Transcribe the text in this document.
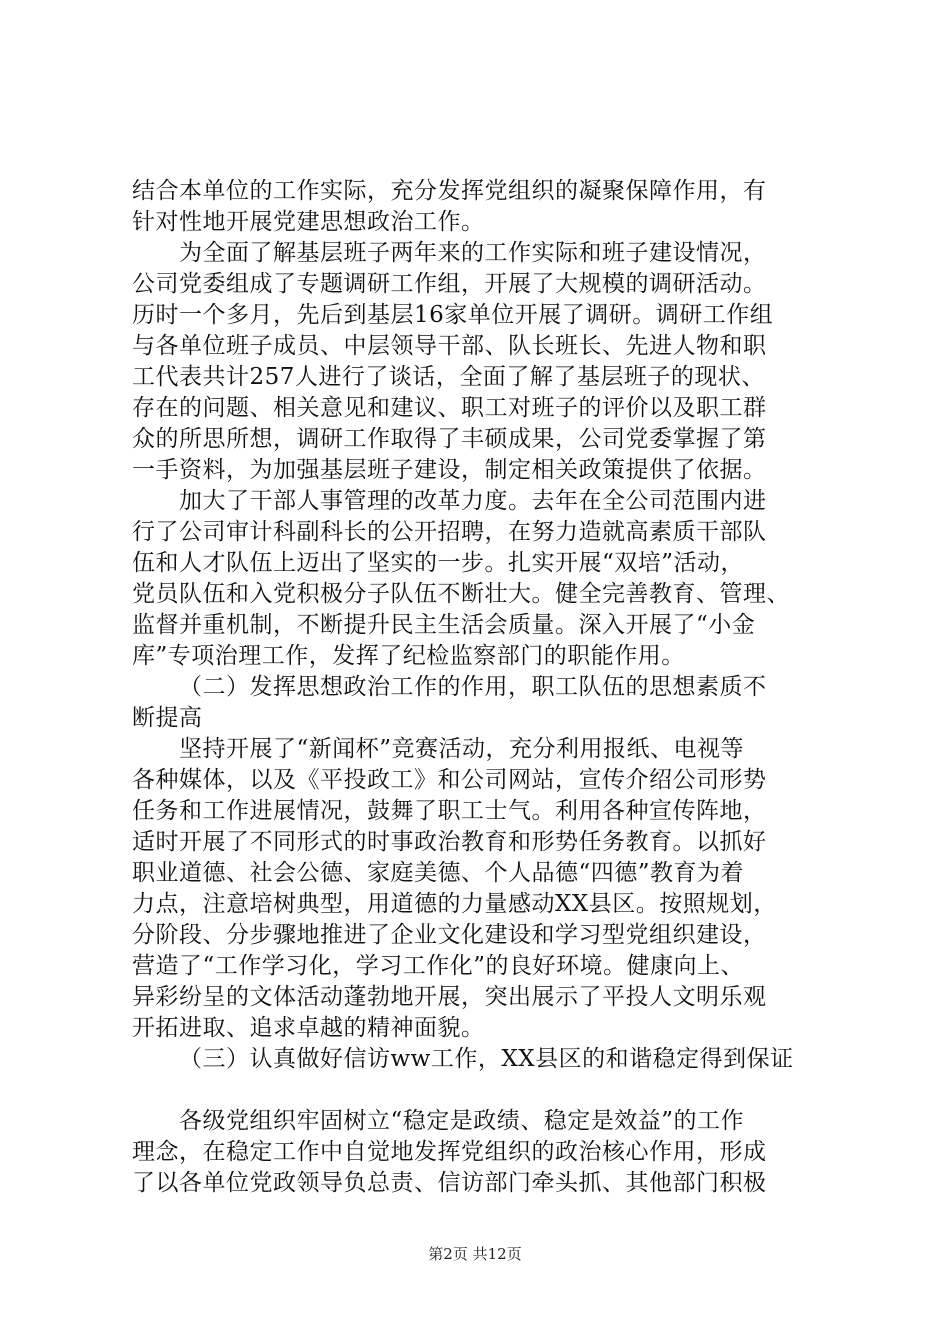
结合本单位的工作实际，充分发挥党组织的凝聚保障作用，有
针对性地开展党建思想政治工作。
为全面了解基层班子两年来的工作实际和班子建设情况，
公司党委组成了专题调研工作组，开展了大规模的调研活动。
历时一个多月，先后到基层16家单位开展了调研。调研工作组
与各单位班子成员、中层领导干部、队长班长、先进人物和职
工代表共计257人进行了谈话，全面了解了基层班子的现状、
存在的问题、相关意见和建议、职工对班子的评价以及职工群
众的所思所想，调研工作取得了丰硕成果，公司党委掌握了第
一手资料，为加强基层班子建设，制定相关政策提供了依据。
加大了干部人事管理的改革力度。去年在全公司范围内进
行了公司审计科副科长的公开招聘，在努力造就高素质干部队
伍和人才队伍上迈出了坚实的一步。扎实开展“双培”活动，
党员队伍和入党积极分子队伍不断壮大。健全完善教育、管理、
监督并重机制，不断提升民主生活会质量。深入开展了“小金
库”专项治理工作，发挥了纪检监察部门的职能作用。
（二）发挥思想政治工作的作用，职工队伍的思想素质不
断提高
坚持开展了“新闻杯”竞赛活动，充分利用报纸、电视等
各种媒体，以及《平投政工》和公司网站，宣传介绍公司形势
任务和工作进展情况，鼓舞了职工士气。利用各种宣传阵地，
适时开展了不同形式的时事政治教育和形势任务教育。以抓好
职业道德、社会公德、家庭美德、个人品德“四德”教育为着
力点，注意培树典型，用道德的力量感动XX县区。按照规划，
分阶段、分步骤地推进了企业文化建设和学习型党组织建设，
营造了“工作学习化，学习工作化”的良好环境。健康向上、
异彩纷呈的文体活动蓬勃地开展，突出展示了平投人文明乐观
开拓进取、追求卓越的精神面貌。
（三）认真做好信访ww工作，XX县区的和谐稳定得到保证
各级党组织牢固树立“稳定是政绩、稳定是效益”的工作
理念，在稳定工作中自觉地发挥党组织的政治核心作用，形成
了以各单位党政领导负总责、信访部门牵头抓、其他部门积极
第2页 共12页
